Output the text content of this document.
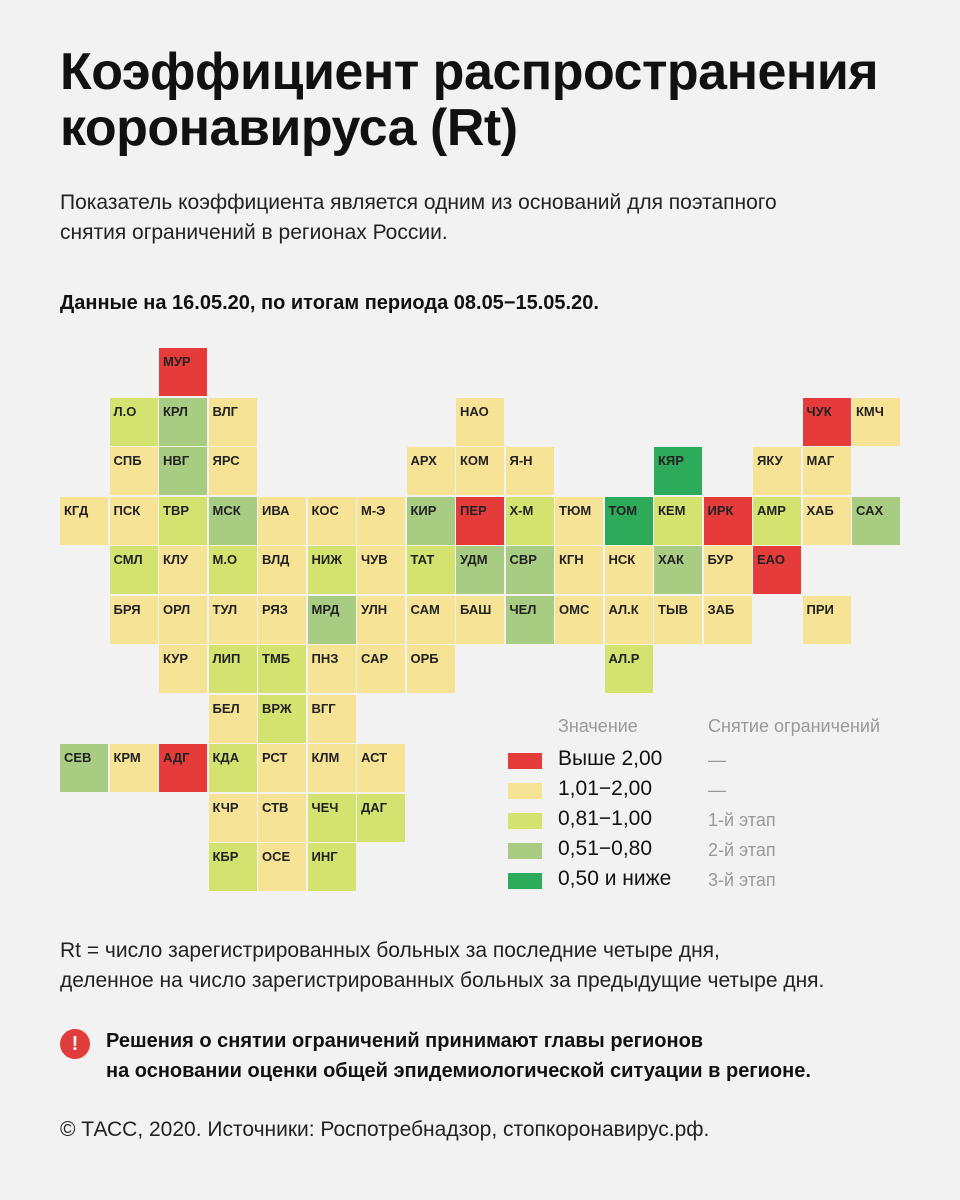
Коэффициент распространения
коронавируса (Rt)
Показатель коэффициента является одним из оснований для поэтапного
снятия ограничений в регионах России.
Данные на 16.05.20, по итогам периода 08.05−15.05.20.
МУР
Л.О	КРЛ	ВЛГ	НАО	ЧУК	КМЧ
СПБ	НВГ	ЯРС	АРХ	КОМ	Я-Н	КЯР	ЯКУ	МАГ
КГД	ПСК	ТВР	МСК	ИВА	КОС	М-Э	КИР	ПЕР	Х-М	ТЮМ	ТОМ	КЕМ	ИРК	АМР	ХАБ	САХ
СМЛ	КЛУ	М.О	ВЛД	НИЖ	ЧУВ	ТАТ	УДМ	СВР	КГН	НСК	ХАК	БУР	ЕАО
БРЯ	ОРЛ	ТУЛ	РЯЗ	МРД	УЛН	САМ	БАШ	ЧЕЛ	ОМС	АЛ.К	ТЫВ	ЗАБ	ПРИ
КУР	ЛИП	ТМБ	ПНЗ	САР	ОРБ	АЛ.Р
БЕЛ	ВРЖ	ВГГ
СЕВ	КРМ	АДГ	КДА	РСТ	КЛМ	АСТ
КЧР	СТВ	ЧЕЧ	ДАГ
КБР	ОСЕ	ИНГ
Значение	Снятие ограничений
Выше 2,00	—
1,01−2,00	—
0,81−1,00	1-й этап
0,51−0,80	2-й этап
0,50 и ниже 3-й этап
Rt = число зарегистрированных больных за последние четыре дня,
деленное на число зарегистрированных больных за предыдущие четыре дня.
!	Решения о снятии ограничений принимают главы регионов
на основании оценки общей эпидемиологической ситуации в регионе.
© ТАСС, 2020. Источники: Роспотребнадзор, стопкоронавирус.рф.
